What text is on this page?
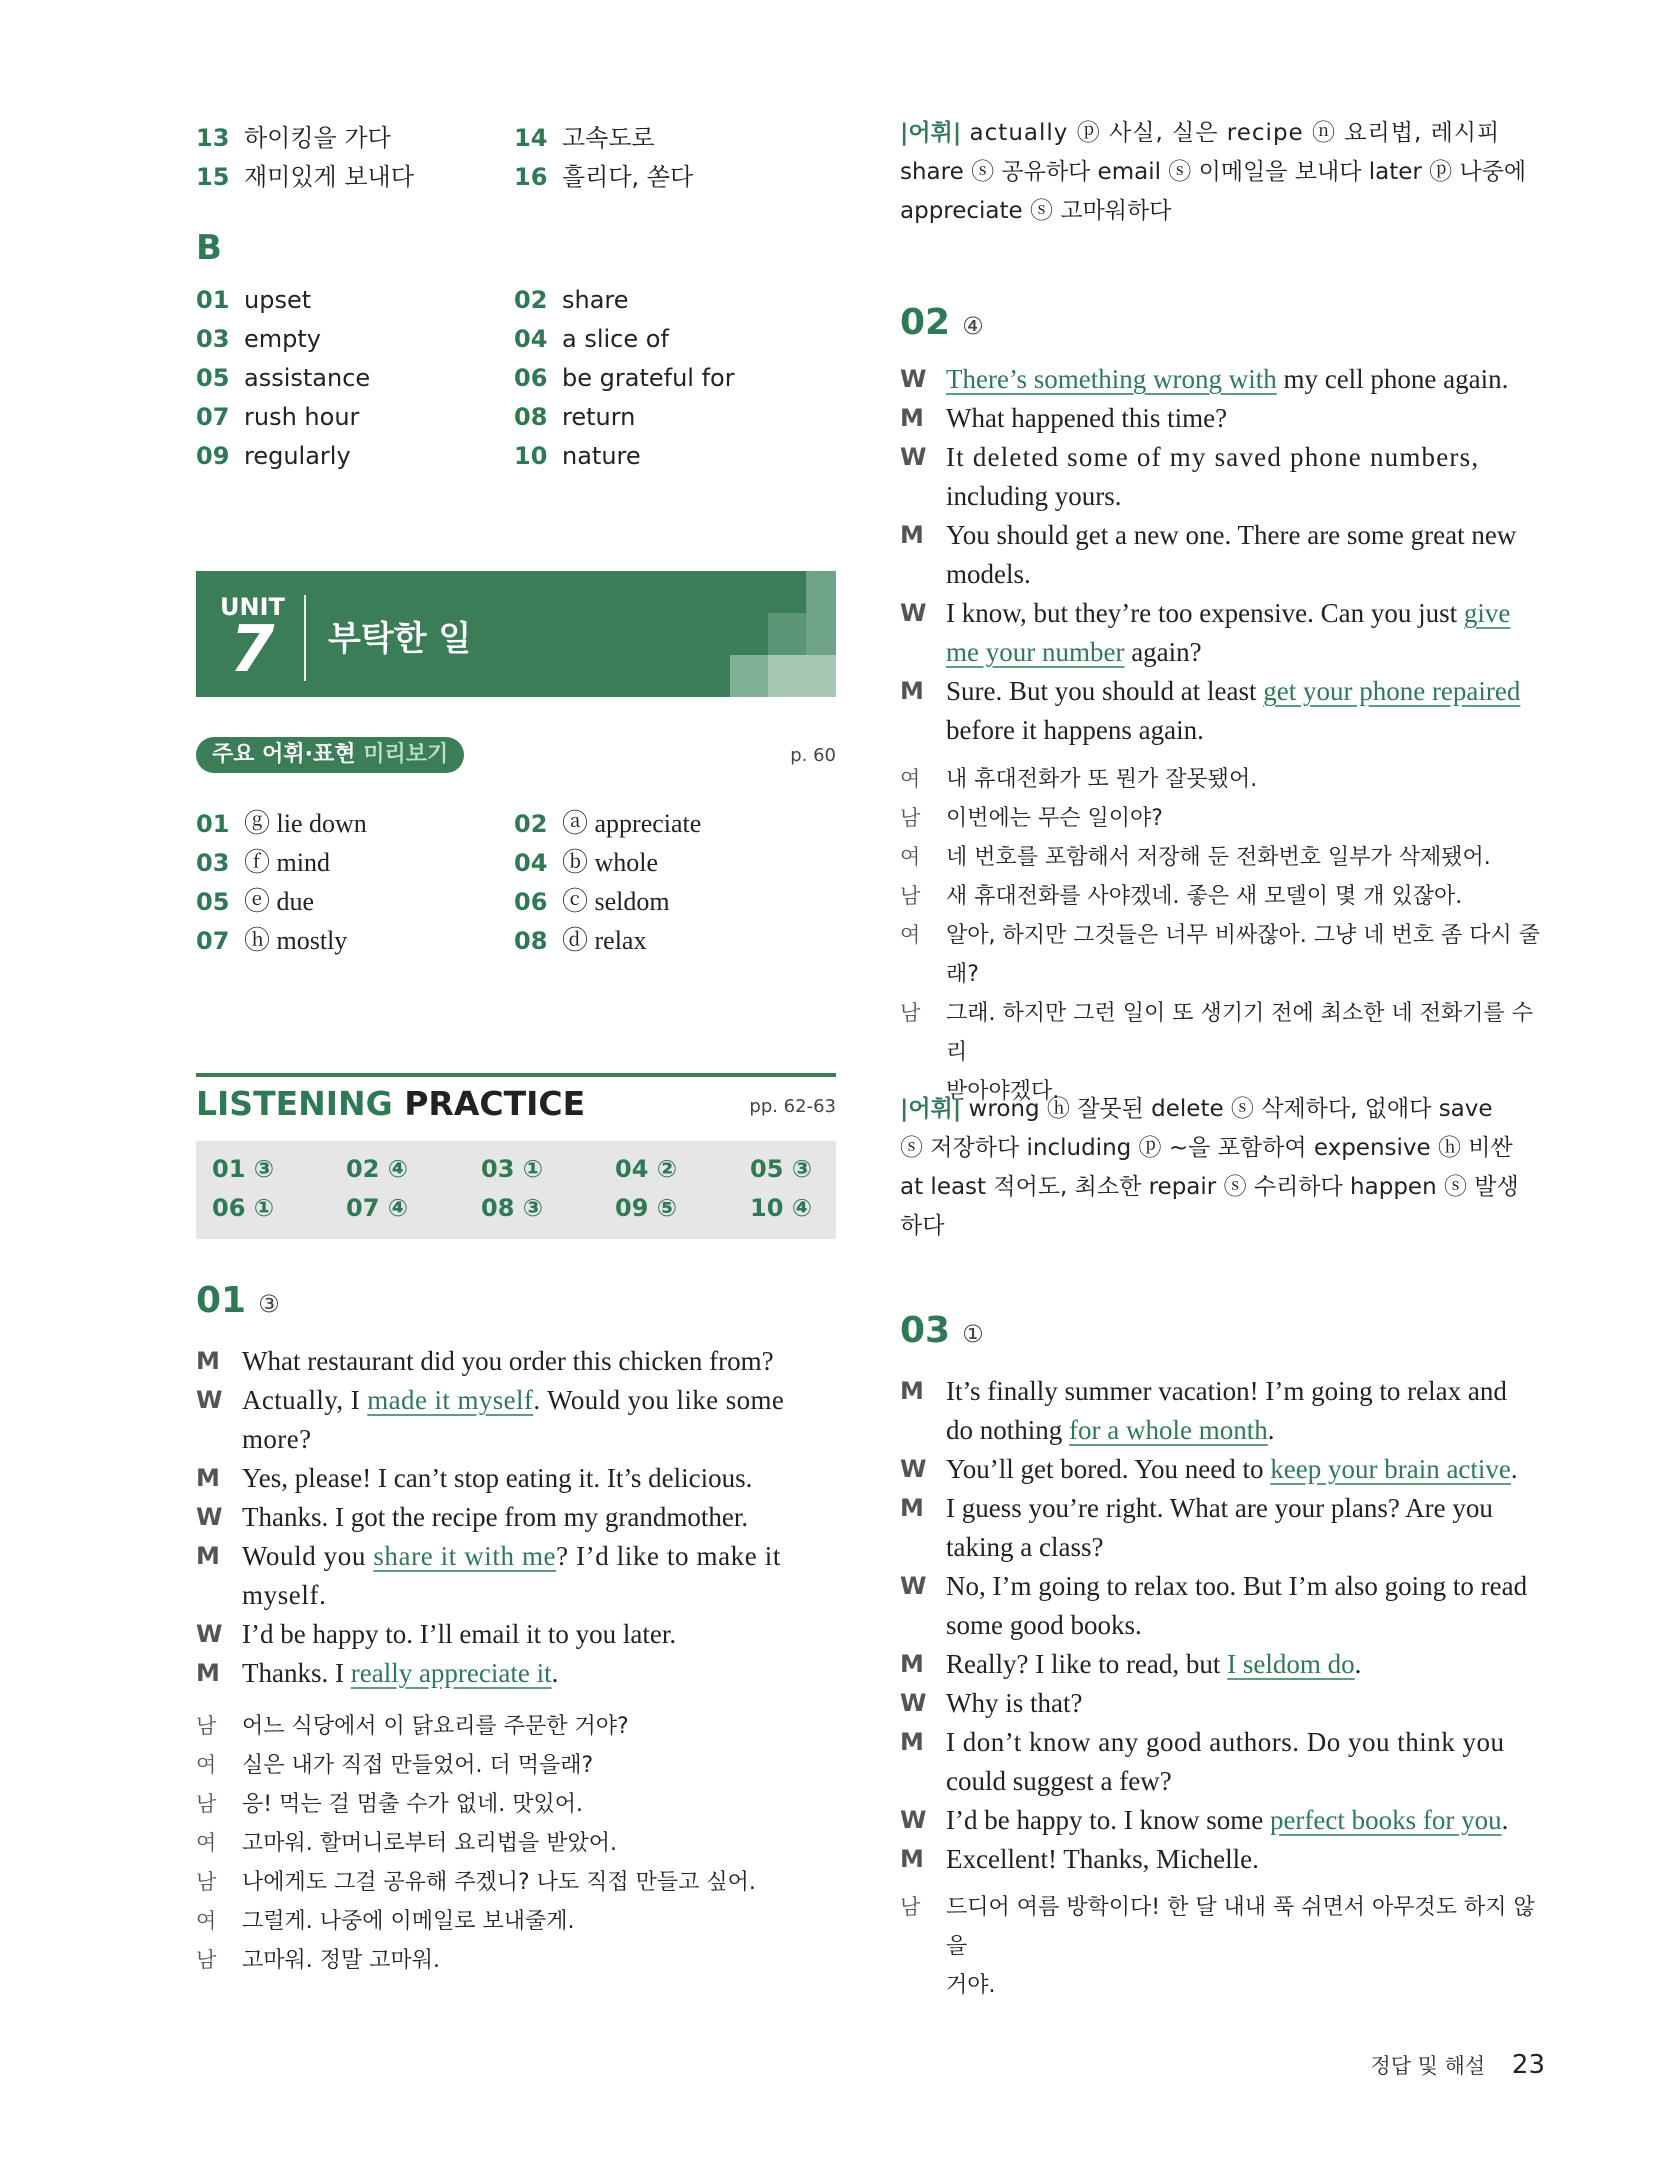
13 하이킹을 가다	14 고속도로
15 재미있게 보내다	16 흘리다, 쏟다
B
01 upset	02 share
03 empty	04 a slice of
05 assistance	06 be grateful for
07 rush hour	08 return
09 regularly	10 nature
UNIT
7 부탁한 일
주요 어휘·표현 미리보기	p. 60
01 ⓖ lie down	02 ⓐ appreciate
03 ⓕ mind	04 ⓑ whole
05 ⓔ due	06 ⓒ seldom
07 ⓗ mostly	08 ⓓ relax
LISTENING PRACTICE	pp. 62-63
01 ③	02 ④	03 ①	04 ②	05 ③
06 ①	07 ④	08 ③	09 ⑤	10 ④
01 ③
M What restaurant did you order this chicken from?
W Actually, I made it myself. Would you like some
more?
M Yes, please! I can’t stop eating it. It’s delicious.
W Thanks. I got the recipe from my grandmother.
M Would you share it with me? I’d like to make it
myself.
W I’d be happy to. I’ll email it to you later.
M Thanks. I really appreciate it.
남	어느 식당에서 이 닭요리를 주문한 거야?
여	실은 내가 직접 만들었어. 더 먹을래?
남	응! 먹는 걸 멈출 수가 없네. 맛있어.
여	고마워. 할머니로부터 요리법을 받았어.
남	나에게도 그걸 공유해 주겠니? 나도 직접 만들고 싶어.
여	그럴게. 나중에 이메일로 보내줄게.
남	고마워. 정말 고마워.
|어휘| actually ⓟ 사실, 실은 recipe ⓝ 요리법, 레시피
share ⓢ 공유하다 email ⓢ 이메일을 보내다 later ⓟ 나중에
appreciate ⓢ 고마워하다
02 ④
W There’s something wrong with my cell phone again.
M What happened this time?
W It deleted some of my saved phone numbers,
including yours.
M You should get a new one. There are some great new
models.
W I know, but they’re too expensive. Can you just give
me your number again?
M Sure. But you should at least get your phone repaired
before it happens again.
여	내 휴대전화가 또 뭔가 잘못됐어.
남	이번에는 무슨 일이야?
여	네 번호를 포함해서 저장해 둔 전화번호 일부가 삭제됐어.
남	새 휴대전화를 사야겠네. 좋은 새 모델이 몇 개 있잖아.
여	알아, 하지만 그것들은 너무 비싸잖아. 그냥 네 번호 좀 다시 줄
래?
남	그래. 하지만 그런 일이 또 생기기 전에 최소한 네 전화기를 수리
받아야겠다.
|어휘| wrong ⓗ 잘못된 delete ⓢ 삭제하다, 없애다 save
ⓢ 저장하다 including ⓟ ~을 포함하여 expensive ⓗ 비싼
at least 적어도, 최소한 repair ⓢ 수리하다 happen ⓢ 발생
하다
03 ①
M It’s finally summer vacation! I’m going to relax and
do nothing for a whole month.
W You’ll get bored. You need to keep your brain active.
M I guess you’re right. What are your plans? Are you
taking a class?
W No, I’m going to relax too. But I’m also going to read
some good books.
M Really? I like to read, but I seldom do.
W Why is that?
M I don’t know any good authors. Do you think you
could suggest a few?
W I’d be happy to. I know some perfect books for you.
M Excellent! Thanks, Michelle.
남	드디어 여름 방학이다! 한 달 내내 푹 쉬면서 아무것도 하지 않을
거야.
정답 및 해설 23
